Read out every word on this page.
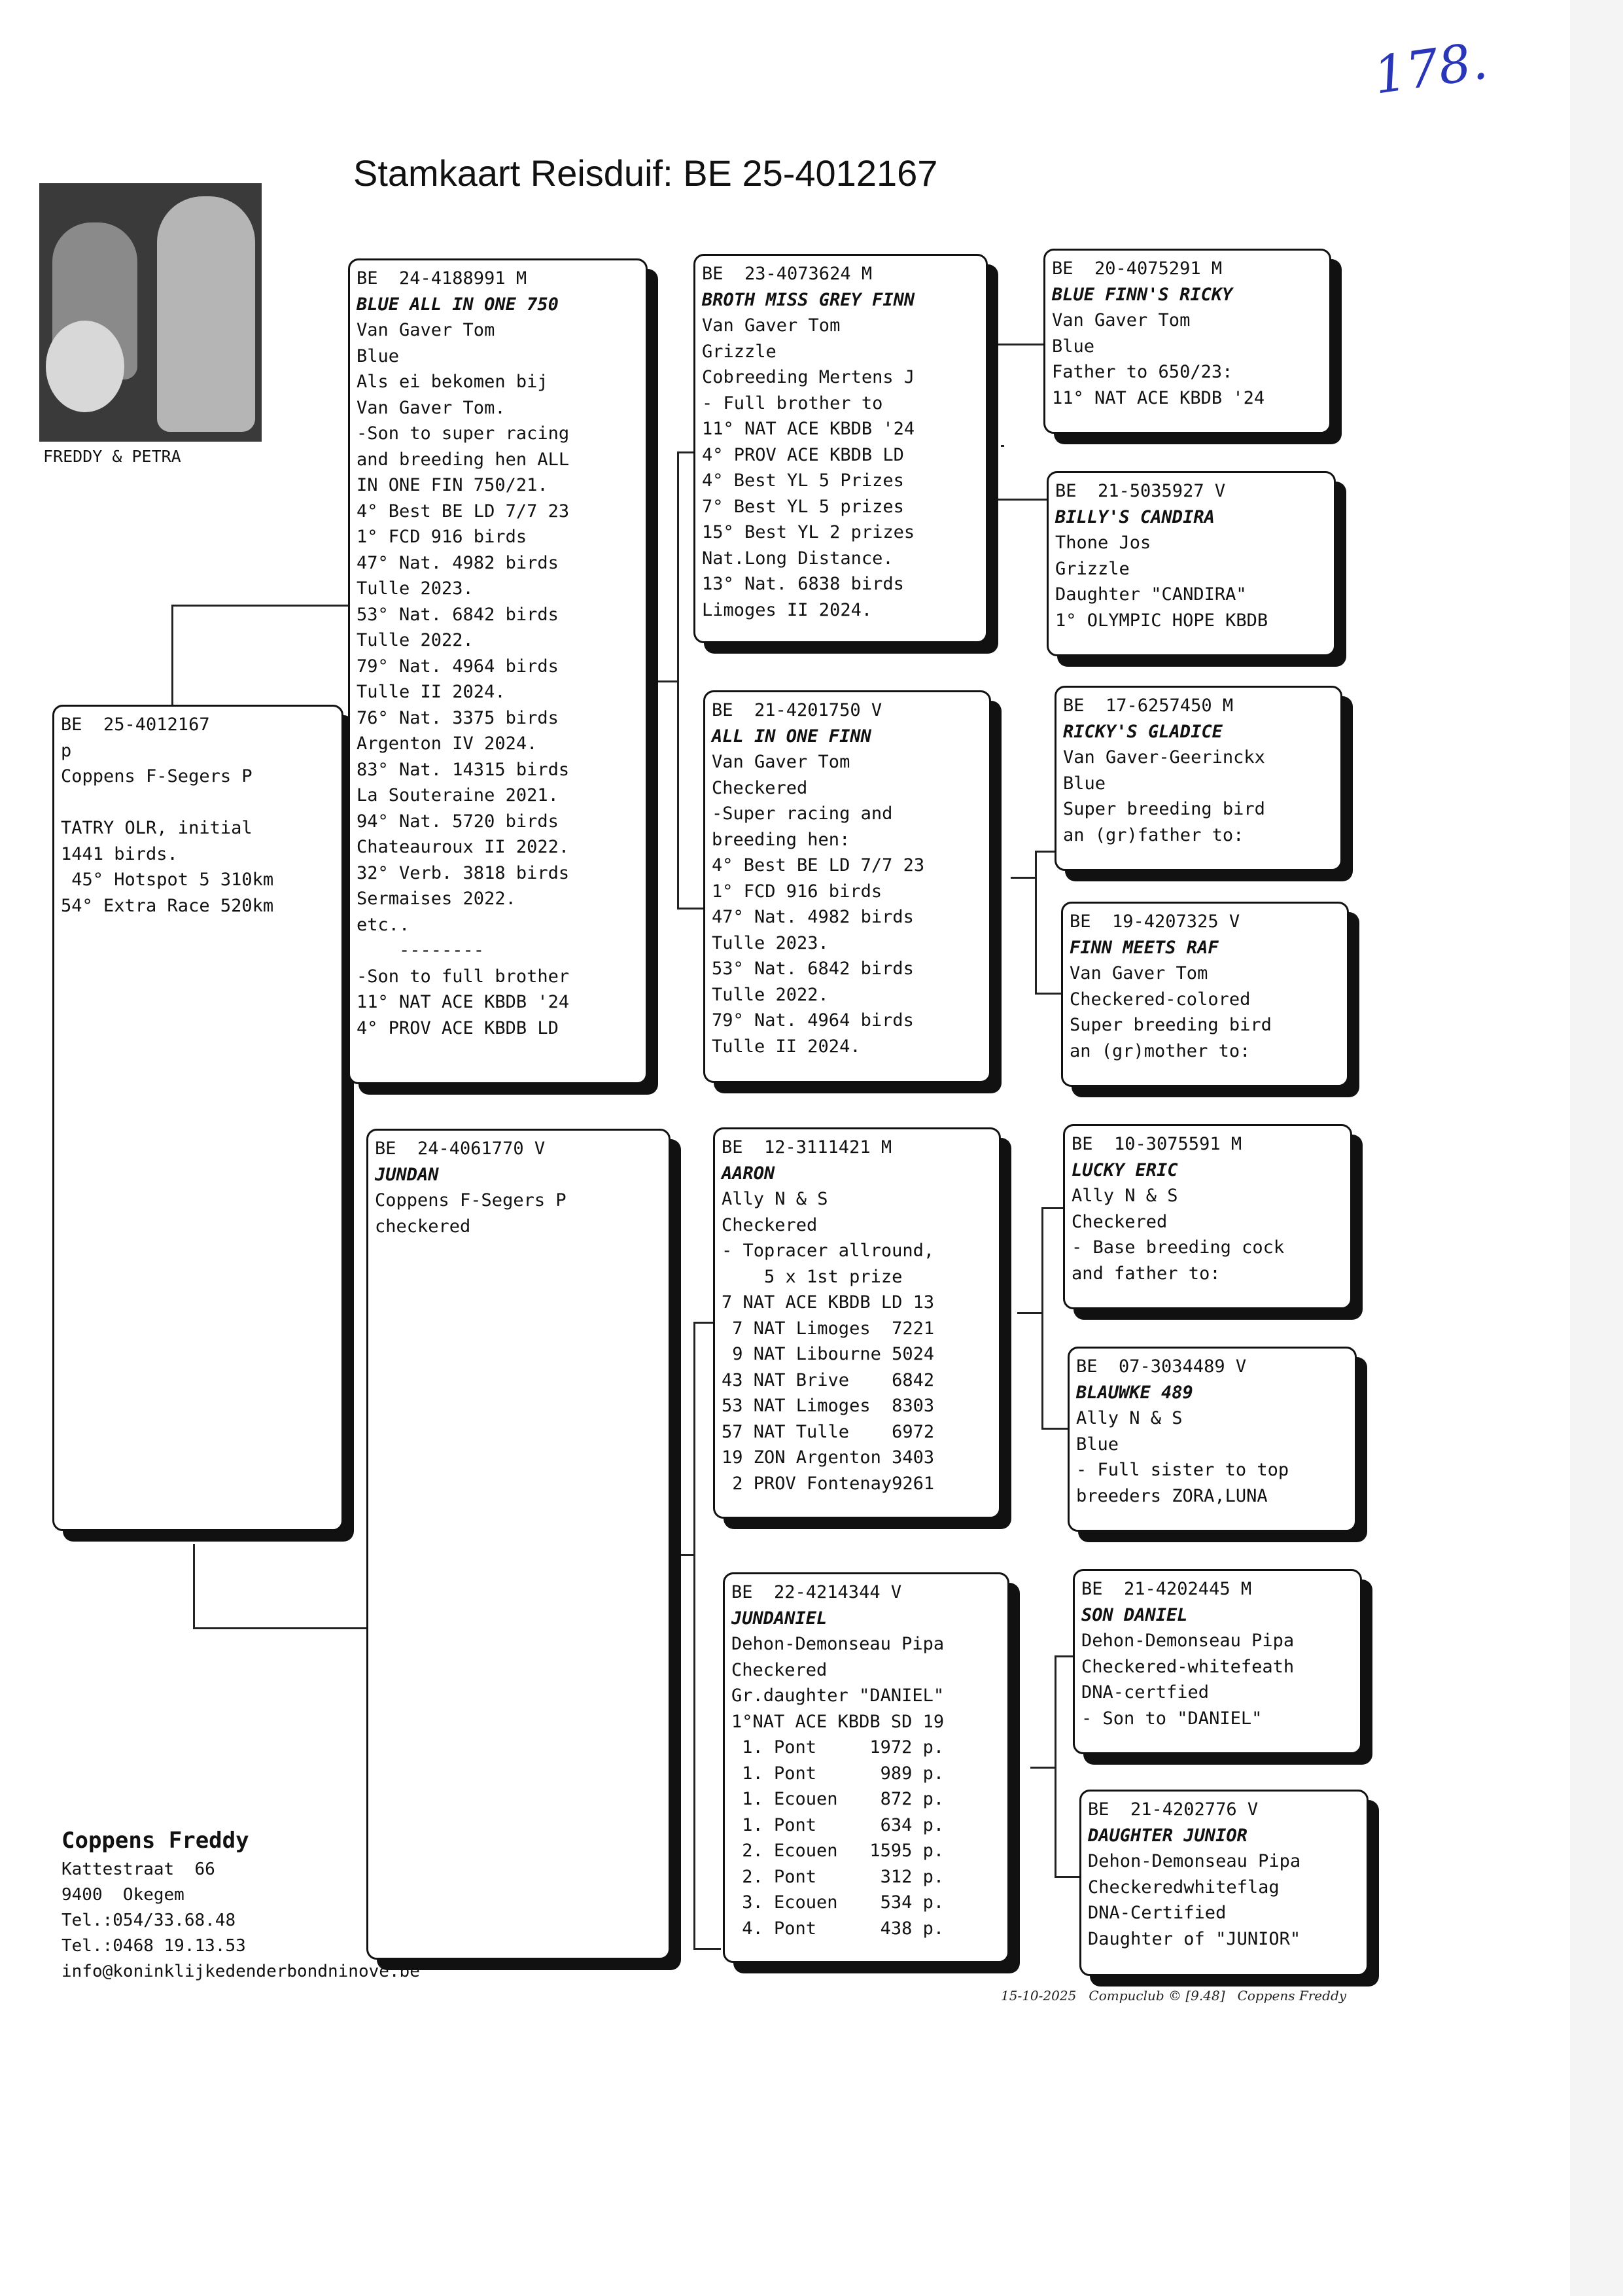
Stamkaart Reisduif: BE 25-4012167
178.
FREDDY & PETRA
BE  25-4012167
p
Coppens F-Segers P
TATRY OLR, initial
1441 birds.
45° Hotspot 5 310km
54° Extra Race 520km
BE  24-4188991 M
BLUE ALL IN ONE 750
Van Gaver Tom
Blue
Als ei bekomen bij
Van Gaver Tom.
-Son to super racing
and breeding hen ALL
IN ONE FIN 750/21.
4° Best BE LD 7/7 23
1° FCD 916 birds
47° Nat. 4982 birds
Tulle 2023.
53° Nat. 6842 birds
Tulle 2022.
79° Nat. 4964 birds
Tulle II 2024.
76° Nat. 3375 birds
Argenton IV 2024.
83° Nat. 14315 birds
La Souteraine 2021.
94° Nat. 5720 birds
Chateauroux II 2022.
32° Verb. 3818 birds
Sermaises 2022.
etc..
--------
-Son to full brother
11° NAT ACE KBDB '24
4° PROV ACE KBDB LD
BE  24-4061770 V
JUNDAN
Coppens F-Segers P
checkered
BE  23-4073624 M
BROTH MISS GREY FINN
Van Gaver Tom
Grizzle
Cobreeding Mertens J
- Full brother to
11° NAT ACE KBDB '24
4° PROV ACE KBDB LD
4° Best YL 5 Prizes
7° Best YL 5 prizes
15° Best YL 2 prizes
Nat.Long Distance.
13° Nat. 6838 birds
Limoges II 2024.
BE  21-4201750 V
ALL IN ONE FINN
Van Gaver Tom
Checkered
-Super racing and
breeding hen:
4° Best BE LD 7/7 23
1° FCD 916 birds
47° Nat. 4982 birds
Tulle 2023.
53° Nat. 6842 birds
Tulle 2022.
79° Nat. 4964 birds
Tulle II 2024.
BE  12-3111421 M
AARON
Ally N & S
Checkered
- Topracer allround,
5 x 1st prize
7 NAT ACE KBDB LD 13
7 NAT Limoges  7221
9 NAT Libourne 5024
43 NAT Brive    6842
53 NAT Limoges  8303
57 NAT Tulle    6972
19 ZON Argenton 3403
2 PROV Fontenay9261
BE  22-4214344 V
JUNDANIEL
Dehon-Demonseau Pipa
Checkered
Gr.daughter "DANIEL"
1°NAT ACE KBDB SD 19
1. Pont     1972 p.
1. Pont      989 p.
1. Ecouen    872 p.
1. Pont      634 p.
2. Ecouen   1595 p.
2. Pont      312 p.
3. Ecouen    534 p.
4. Pont      438 p.
BE  20-4075291 M
BLUE FINN'S RICKY
Van Gaver Tom
Blue
Father to 650/23:
11° NAT ACE KBDB '24
BE  21-5035927 V
BILLY'S CANDIRA
Thone Jos
Grizzle
Daughter "CANDIRA"
1° OLYMPIC HOPE KBDB
BE  17-6257450 M
RICKY'S GLADICE
Van Gaver-Geerinckx
Blue
Super breeding bird
an (gr)father to:
BE  19-4207325 V
FINN MEETS RAF
Van Gaver Tom
Checkered-colored
Super breeding bird
an (gr)mother to:
BE  10-3075591 M
LUCKY ERIC
Ally N & S
Checkered
- Base breeding cock
and father to:
BE  07-3034489 V
BLAUWKE 489
Ally N & S
Blue
- Full sister to top
breeders ZORA,LUNA
BE  21-4202445 M
SON DANIEL
Dehon-Demonseau Pipa
Checkered-whitefeath
DNA-certfied
- Son to "DANIEL"
BE  21-4202776 V
DAUGHTER JUNIOR
Dehon-Demonseau Pipa
Checkeredwhiteflag
DNA-Certified
Daughter of "JUNIOR"
Coppens Freddy
Kattestraat  66
9400  Okegem
Tel.:054/33.68.48
Tel.:0468 19.13.53
info@koninklijkedenderbondninove.be
15-10-2025   Compuclub © [9.48]   Coppens Freddy
